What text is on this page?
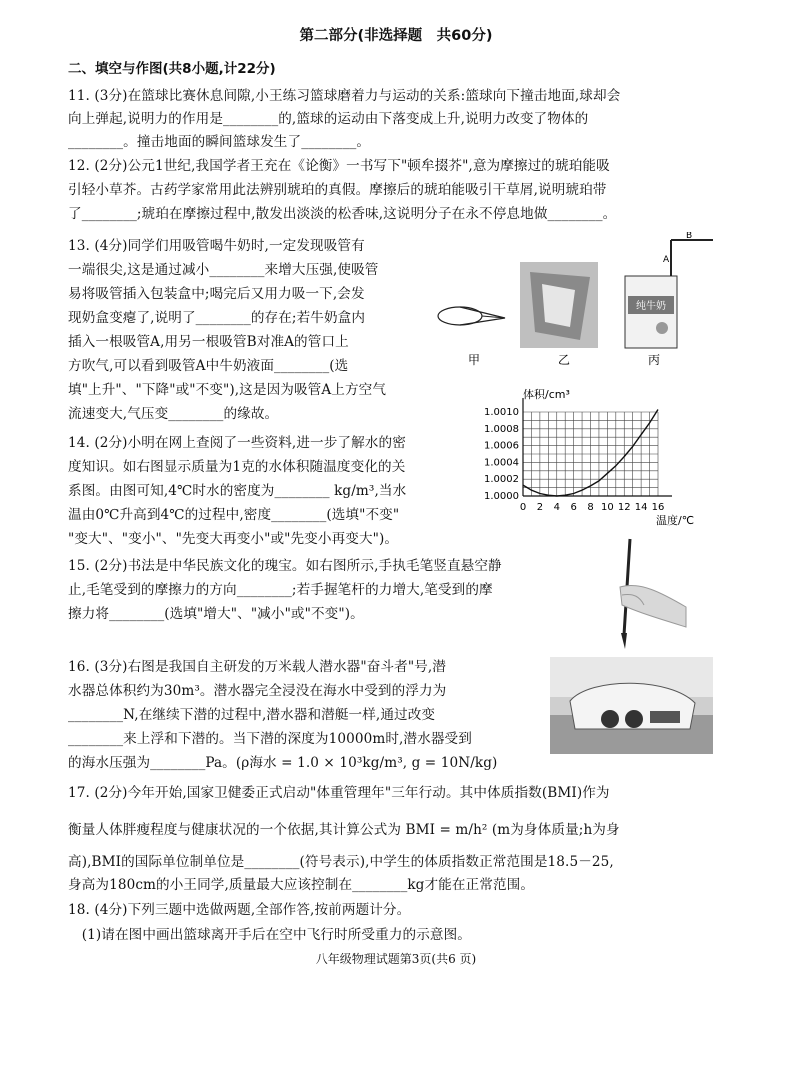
第二部分(非选择题　共60分)
二、填空与作图(共8小题,计22分)
11. (3分)在篮球比赛休息间隙,小王练习篮球磨着力与运动的关系:篮球向下撞击地面,球却会
向上弹起,说明力的作用是________的,篮球的运动由下落变成上升,说明力改变了物体的
________。撞击地面的瞬间篮球发生了________。
12. (2分)公元1世纪,我国学者王充在《论衡》一书写下"顿牟掇芥",意为摩擦过的琥珀能吸
引轻小草芥。古药学家常用此法辨别琥珀的真假。摩擦后的琥珀能吸引干草屑,说明琥珀带
了________;琥珀在摩擦过程中,散发出淡淡的松香味,这说明分子在永不停息地做________。
13. (4分)同学们用吸管喝牛奶时,一定发现吸管有
一端很尖,这是通过减小________来增大压强,使吸管
易将吸管插入包装盒中;喝完后又用力吸一下,会发
现奶盒变瘪了,说明了________的存在;若牛奶盒内
插入一根吸管A,用另一根吸管B对准A的管口上
方吹气,可以看到吸管A中牛奶液面________(选
填"上升"、"下降"或"不变"),这是因为吸管A上方空气
流速变大,气压变________的缘故。
14. (2分)小明在网上查阅了一些资料,进一步了解水的密
度知识。如右图显示质量为1克的水体积随温度变化的关
系图。由图可知,4℃时水的密度为________ kg/m³,当水
温由0℃升高到4℃的过程中,密度________(选填"不变"
"变大"、"变小"、"先变大再变小"或"先变小再变大")。
15. (2分)书法是中华民族文化的瑰宝。如右图所示,手执毛笔竖直悬空静
止,毛笔受到的摩擦力的方向________;若手握笔杆的力增大,笔受到的摩
擦力将________(选填"增大"、"减小"或"不变")。
16. (3分)右图是我国自主研发的万米载人潜水器"奋斗者"号,潜
水器总体积约为30m³。潜水器完全浸没在海水中受到的浮力为
________N,在继续下潜的过程中,潜水器和潜艇一样,通过改变
________来上浮和下潜的。当下潜的深度为10000m时,潜水器受到
的海水压强为________Pa。(ρ海水 = 1.0 × 10³kg/m³, g = 10N/kg)
17. (2分)今年开始,国家卫健委正式启动"体重管理年"三年行动。其中体质指数(BMI)作为
衡量人体胖瘦程度与健康状况的一个依据,其计算公式为 BMI = m/h² (m为身体质量;h为身
高),BMI的国际单位制单位是________(符号表示),中学生的体质指数正常范围是18.5－25,
身高为180cm的小王同学,质量最大应该控制在________kg才能在正常范围。
18. (4分)下列三题中选做两题,全部作答,按前两题计分。
　(1)请在图中画出篮球离开手后在空中飞行时所受重力的示意图。
纯牛奶
A
B
甲	乙	丙
体积/cm³
温度/℃
1.0000
1.0002
1.0004
1.0006
1.0008
1.0010
0 2 4 6 8 10 12 14 16
八年级物理试题第3页(共6 页)
